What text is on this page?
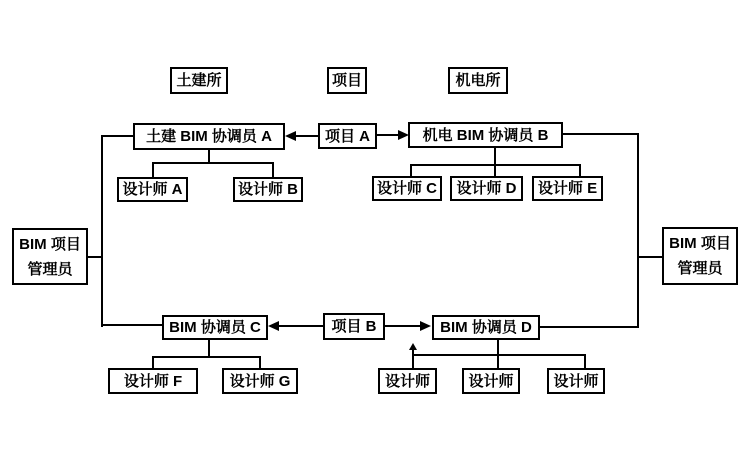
土建所	项目	机电所
土建 BIM 协调员 A	项目 A	机电 BIM 协调员 B
设计师 A	设计师 B	设计师 C	设计师 D	设计师 E
BIM 项目
管理员
BIM 项目
管理员
BIM 协调员 C	项目 B	BIM 协调员 D
设计师 F	设计师 G	设计师	设计师	设计师
